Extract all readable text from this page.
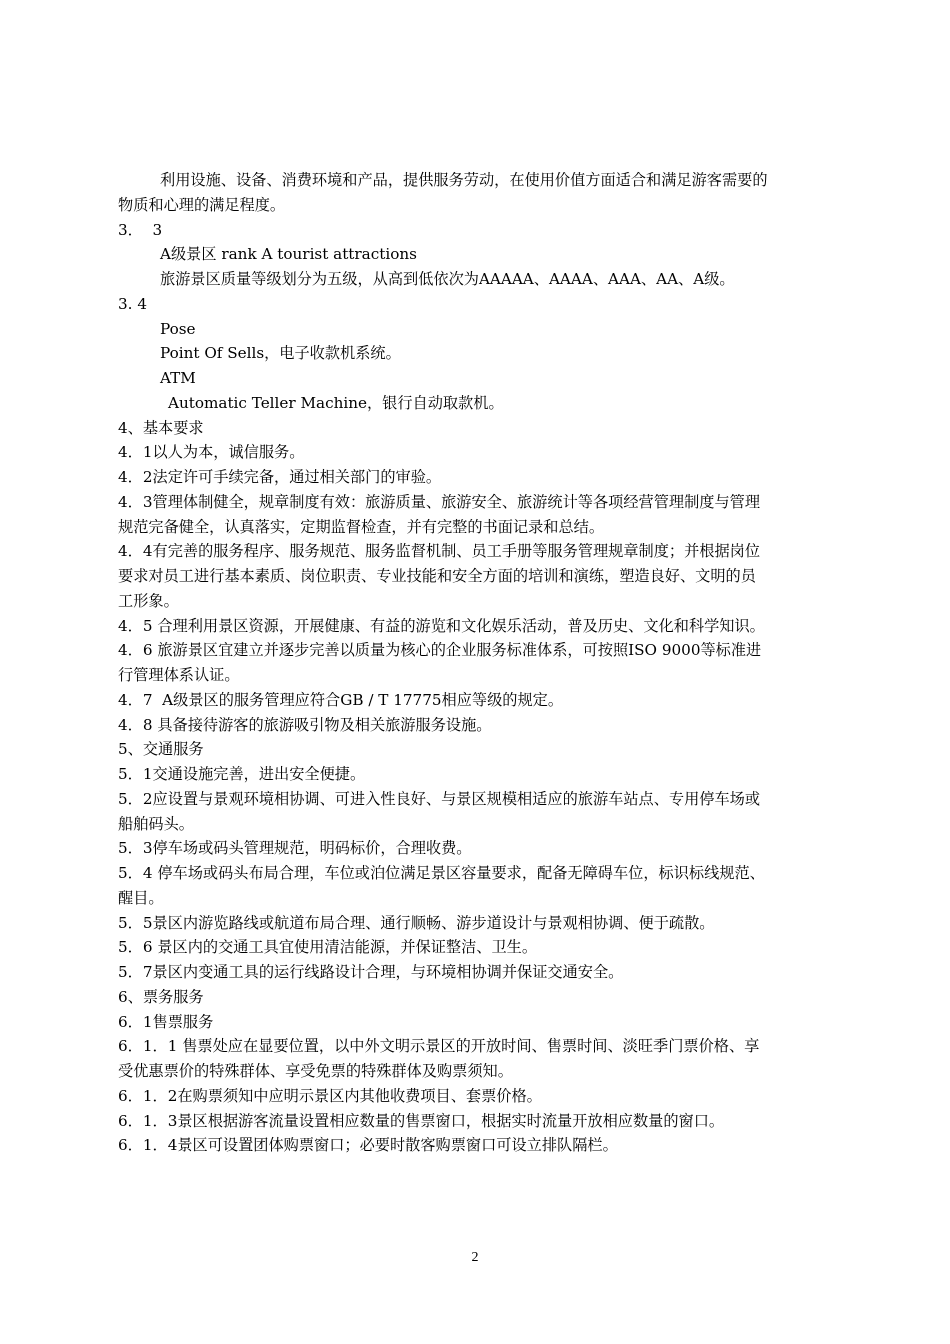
利用设施、设备、消费环境和产品，提供服务劳动，在使用价值方面适合和满足游客需要的
物质和心理的满足程度。
3．  3
A级景区 rank A tourist attractions
旅游景区质量等级划分为五级，从高到低依次为AAAAA、AAAA、AAA、AA、A级。
3. 4
Pose
Point Of Sells，电子收款机系统。
ATM
Automatic Teller Machine，银行自动取款机。
4、基本要求
4．1以人为本，诚信服务。
4．2法定许可手续完备，通过相关部门的审验。
4．3管理体制健全，规章制度有效：旅游质量、旅游安全、旅游统计等各项经营管理制度与管理
规范完备健全，认真落实，定期监督检查，并有完整的书面记录和总结。
4．4有完善的服务程序、服务规范、服务监督机制、员工手册等服务管理规章制度；并根据岗位
要求对员工进行基本素质、岗位职责、专业技能和安全方面的培训和演练，塑造良好、文明的员
工形象。
4．5 合理利用景区资源，开展健康、有益的游览和文化娱乐活动，普及历史、文化和科学知识。
4．6 旅游景区宜建立并逐步完善以质量为核心的企业服务标准体系，可按照ISO 9000等标准进
行管理体系认证。
4．7  A级景区的服务管理应符合GB / T 17775相应等级的规定。
4．8 具备接待游客的旅游吸引物及相关旅游服务设施。
5、交通服务
5．1交通设施完善，进出安全便捷。
5．2应设置与景观环境相协调、可进入性良好、与景区规模相适应的旅游车站点、专用停车场或
船舶码头。
5．3停车场或码头管理规范，明码标价，合理收费。
5．4 停车场或码头布局合理，车位或泊位满足景区容量要求，配备无障碍车位，标识标线规范、
醒目。
5．5景区内游览路线或航道布局合理、通行顺畅、游步道设计与景观相协调、便于疏散。
5．6 景区内的交通工具宜使用清洁能源，并保证整洁、卫生。
5．7景区内变通工具的运行线路设计合理，与环境相协调并保证交通安全。
6、票务服务
6．1售票服务
6．1．1 售票处应在显要位置，以中外文明示景区的开放时间、售票时间、淡旺季门票价格、享
受优惠票价的特殊群体、享受免票的特殊群体及购票须知。
6．1．2在购票须知中应明示景区内其他收费项目、套票价格。
6．1．3景区根据游客流量设置相应数量的售票窗口，根据实时流量开放相应数量的窗口。
6．1．4景区可设置团体购票窗口；必要时散客购票窗口可设立排队隔栏。
2
